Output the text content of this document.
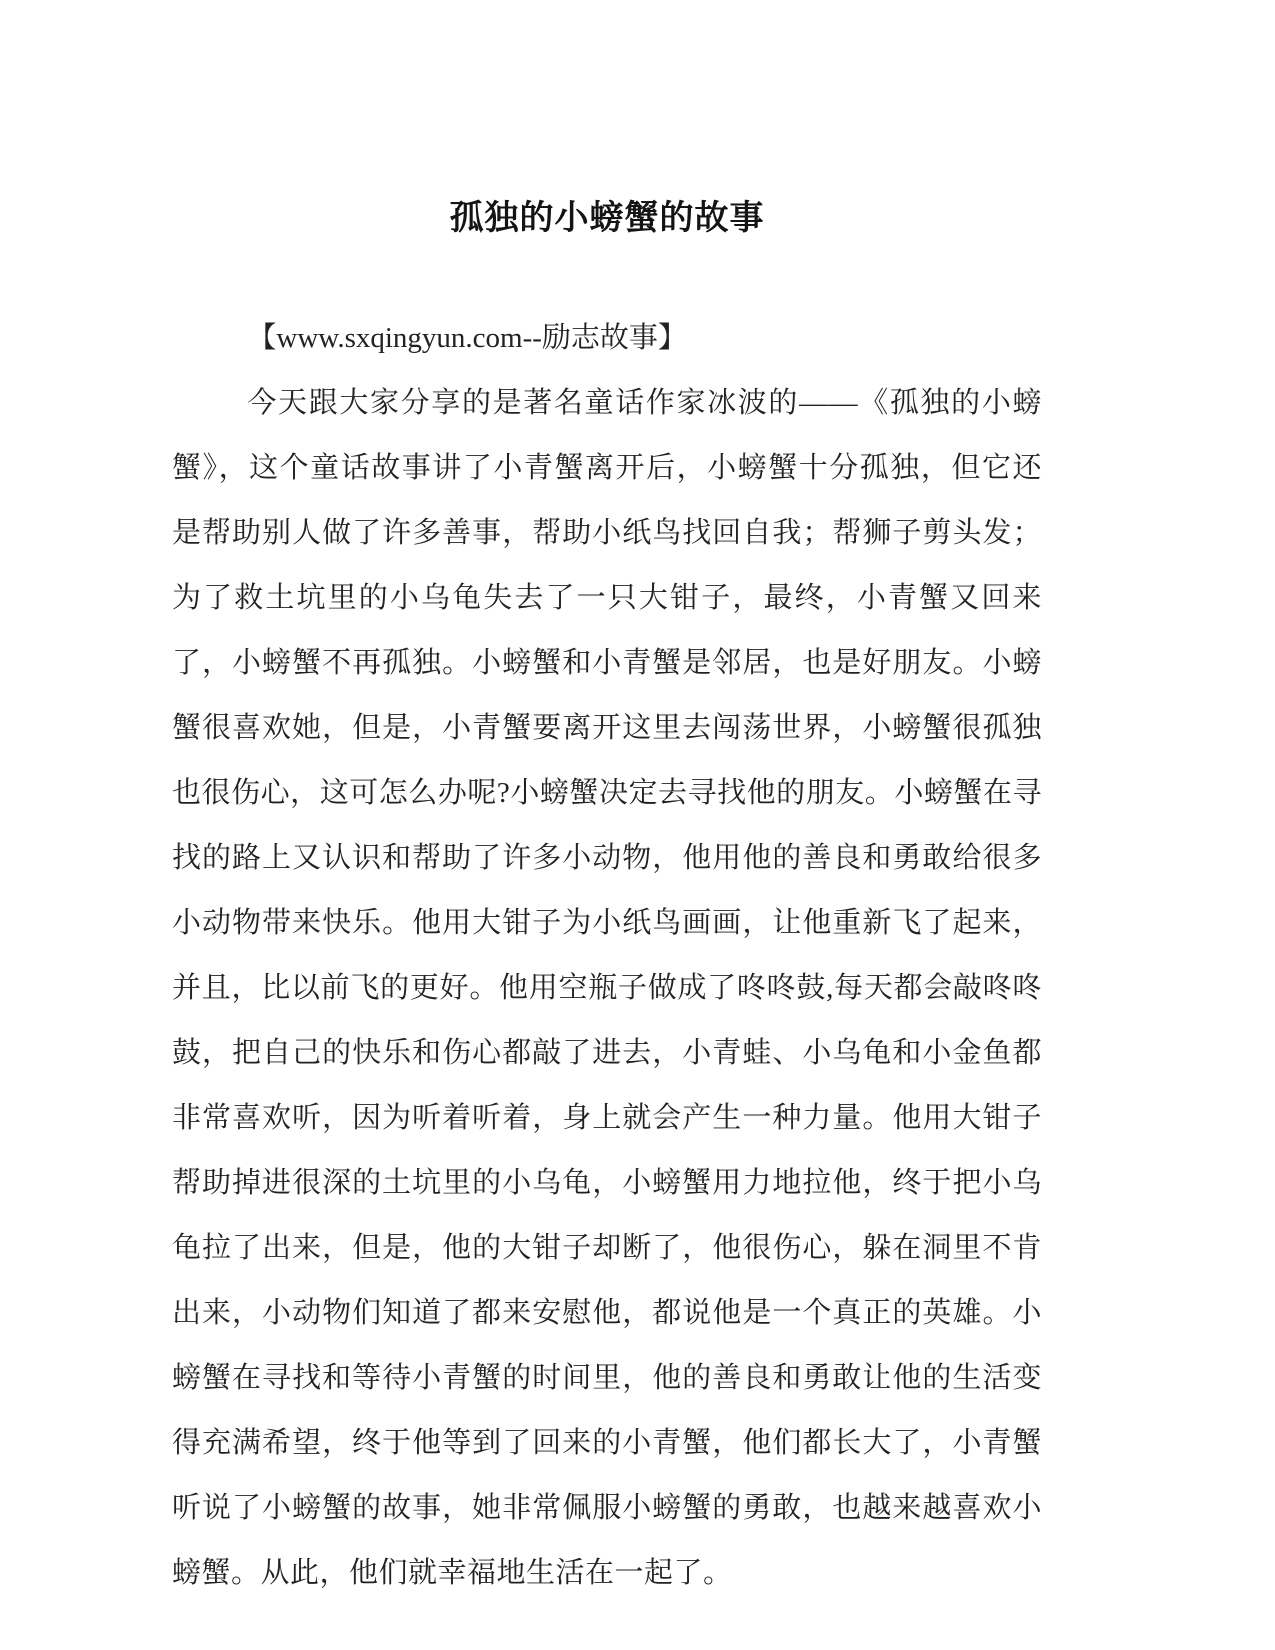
孤独的小螃蟹的故事

【www.sxqingyun.com--励志故事】

今天跟大家分享的是著名童话作家冰波的——《孤独的小螃蟹》，这个童话故事讲了小青蟹离开后，小螃蟹十分孤独，但它还是帮助别人做了许多善事，帮助小纸鸟找回自我；帮狮子剪头发；为了救土坑里的小乌龟失去了一只大钳子，最终，小青蟹又回来了，小螃蟹不再孤独。小螃蟹和小青蟹是邻居，也是好朋友。小螃蟹很喜欢她，但是，小青蟹要离开这里去闯荡世界，小螃蟹很孤独也很伤心，这可怎么办呢?小螃蟹决定去寻找他的朋友。小螃蟹在寻找的路上又认识和帮助了许多小动物，他用他的善良和勇敢给很多小动物带来快乐。他用大钳子为小纸鸟画画，让他重新飞了起来，并且，比以前飞的更好。他用空瓶子做成了咚咚鼓,每天都会敲咚咚鼓，把自己的快乐和伤心都敲了进去，小青蛙、小乌龟和小金鱼都非常喜欢听，因为听着听着，身上就会产生一种力量。他用大钳子帮助掉进很深的土坑里的小乌龟，小螃蟹用力地拉他，终于把小乌龟拉了出来，但是，他的大钳子却断了，他很伤心，躲在洞里不肯出来，小动物们知道了都来安慰他，都说他是一个真正的英雄。小螃蟹在寻找和等待小青蟹的时间里，他的善良和勇敢让他的生活变得充满希望，终于他等到了回来的小青蟹，他们都长大了，小青蟹听说了小螃蟹的故事，她非常佩服小螃蟹的勇敢，也越来越喜欢小螃蟹。从此，他们就幸福地生活在一起了。
